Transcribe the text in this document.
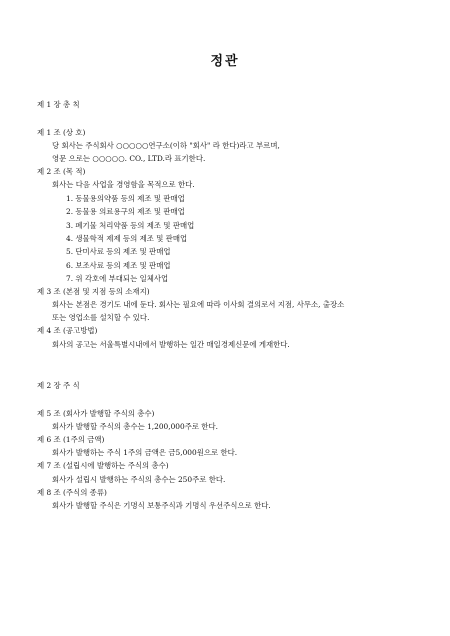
정관
제 1 장 총 칙
제 1 조 (상 호)
당 회사는 주식회사 ○○○○○연구소(이하 "회사" 라 한다)라고 부르며,
영문 으로는 ○○○○○. CO., LTD.라 표기한다.
제 2 조 (목 적)
회사는 다음 사업을 경영함을 목적으로 한다.
1. 동물용의약품 등의 제조 및 판매업
2. 동물용 의료용구의 제조 및 판매업
3. 폐기물 처리약품 등의 제조 및 판매업
4. 생물학적 제제 등의 제조 및 판매업
5. 단미사료 등의 제조 및 판매업
6. 보조사료 등의 제조 및 판매업
7. 위 각호에 부대되는 일체사업
제 3 조 (본점 및 지점 등의 소재지)
회사는 본점은 경기도 내에 둔다. 회사는 필요에 따라 이사회 결의로서 지점, 사무소, 출장소
또는 영업소를 설치할 수 있다.
제 4 조 (공고방법)
회사의 공고는 서울특별시내에서 발행하는 일간 매일경제신문에 게재한다.
제 2 장 주 식
제 5 조 (회사가 발행할 주식의 총수)
회사가 발행할 주식의 총수는 1,200,000주로 한다.
제 6 조 (1주의 금액)
회사가 발행하는 주식 1주의 금액은 금5,000원으로 한다.
제 7 조 (설립시에 발행하는 주식의 총수)
회사가 설립시 발행하는 주식의 총수는 250주로 한다.
제 8 조 (주식의 종류)
회사가 발행할 주식은 기명식 보통주식과 기명식 우선주식으로 한다.
